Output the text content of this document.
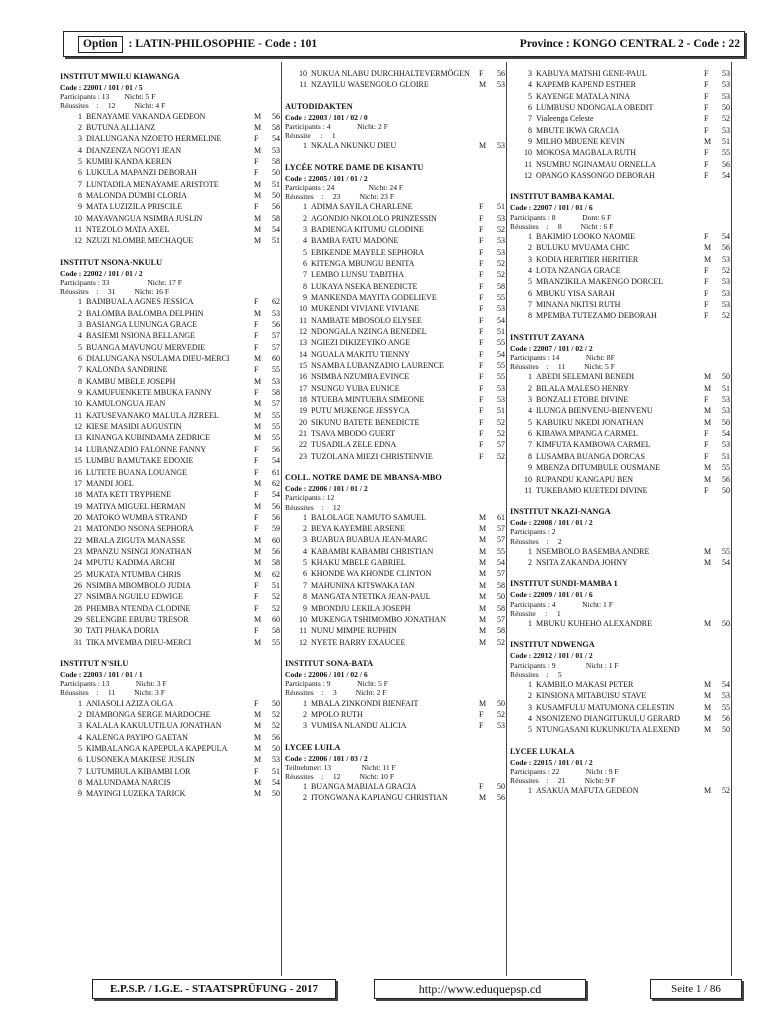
Option : LATIN-PHILOSOPHIE - Code : 101	Province : KONGO CENTRAL 2 - Code : 22
INSTITUT MWILU KIAWANGA
Code : 22001 / 101 / 01 / 5
Participants : 13        Nicht: 5 F
Réussites    :     12          Nicht: 4 F
1 BENAYAME VAKANDA GEDEON	M	56
2 BUTUNA ALLIANZ	M	58
3 DIALUNGANA NZOETO HERMELINE	F	54
4 DIANZENZA NGOYI JEAN	M	53
5 KUMBI KANDA KEREN	F	58
6 LUKULA MAPANZI DEBORAH	F	50
7 LUNTADILA MENAYAME ARISTOTE	M	51
8 MALONDA DUMBI CLORIA	M	50
9 MATA LUZIZILA PRISCILE	F	56
10 MAYAVANGUA NSIMBA JUSLIN	M	58
11 NTEZOLO MATA AXEL	M	54
12 NZUZI NLOMBE MECHAQUE	M	51
INSTITUT NSONA-NKULU
Code : 22002 / 101 / 01 / 2
Participants : 33                    Nicht: 17 F
Réussites    :     31          Nicht: 16 F
1 BADIBUALA AGNES JESSICA	F	62
2 BALOMBA BALOMBA DELPHIN	M	53
3 BASIANGA LUNUNGA GRACE	F	56
4 BASIEMI NSIONA BELLANGE	F	57
5 BUANGA MAVUNGU MERVEDIE	F	57
6 DIALUNGANA NSULAMA DIEU-MERCI	M	60
7 KALONDA SANDRINE	F	55
8 KAMBU MBELE JOSEPH	M	53
9 KAMUFUENKETE MBUKA FANNY	F	58
10 KAMULONGUA JEAN	M	57
11 KATUSEVANAKO MALULA JIZREEL	M	55
12 KIESE MASIDI AUGUSTIN	M	55
13 KINANGA KUBINDAMA ZEDRICE	M	55
14 LUBANZADIO FALONNE FANNY	F	56
15 LUMBU BAMUTAKE EDOXIE	F	54
16 LUTETE BUANA LOUANGE	F	61
17 MANDI JOEL	M	62
18 MATA KETI TRYPHENE	F	54
19 MATIYA MIGUEL HERMAN	M	56
20 MATOKO WUMBA STRAND	F	56
21 MATONDO NSONA SEPHORA	F	59
22 MBALA ZIGUTA MANASSE	M	60
23 MPANZU NSINGI JONATHAN	M	56
24 MPUTU KADIMA ARCHI	M	58
25 MUKATA NTUMBA CHRIS	M	62
26 NSIMBA MBOMBOLO JUDIA	F	51
27 NSIMBA NGUILU EDWIGE	F	52
28 PHEMBA NTENDA CLODINE	F	52
29 SELENGBE EBUBU TRESOR	M	60
30 TATI PHAKA DORIA	F	58
31 TIKA MVEMBA DIEU-MERCI	M	55
INSTITUT N'SILU
Code : 22003 / 101 / 01 / 1
Participants : 13              Nicht: 3 F
Réussites    :     11          Nicht: 3 F
1 ANIASOLI AZIZA OLGA	F	50
2 DIAMBONGA SERGE MARDOCHE	M	52
3 KALALA KAKULUTILUA JONATHAN	M	52
4 KALENGA PAYIPO GAETAN	M	56
5 KIMBALANGA KAPEPULA KAPEPULA	M	50
6 LUSONEKA MAKIESE JUSLIN	M	53
7 LUTUMBULA KIBAMBI LOR	F	51
8 MALUNDAMA NARCIS	M	54
9 MAYINGI LUZEKA TARICK	M	50
10 NUKUA NLABU DURCHHALTEVERMÖGEN	F	56
11 NZAYILU WASENGOLO GLOIRE	M	53
AUTODIDAKTEN
Code : 22003 / 101 / 02 / 0
Participants : 4              Nicht: 2 F
Réussite     :     1
1 NKALA NKUNKU DIEU	M	53
LYCÉE NOTRE DAME DE KISANTU
Code : 22005 / 101 / 01 / 2
Participants : 24                  Nicht: 24 F
Réussites    :     23          Nicht: 23 F
1 ADIMA SAYILA CHARLENE	F	51
2 AGONDJO NKOLOLO PRINZESSIN	F	53
3 BADIENGA KITUMU GLODINE	F	52
4 BAMBA FATU MADONE	F	53
5 EBIKENDE MAYELE SEPHORA	F	53
6 KITENGA MBUNGU BENITA	F	52
7 LEMBO LUNSU TABITHA	F	52
8 LUKAYA NSEKA BENEDICTE	F	58
9 MANKENDA MAYITA GODELIEVE	F	55
10 MUKENDI VIVIANE VIVIANE	F	53
11 NAMBATE MBOSOLO ELYSEE	F	54
12 NDONGALA NZINGA BENEDEL	F	51
13 NGIEZI DIKIZEYIKO ANGE	F	55
14 NGUALA MAKITU TIENNY	F	54
15 NSAMBA LUBANZADIO LAURENCE	F	55
16 NSIMBA NZUMBA EVINCE	F	55
17 NSUNGU YUBA EUNICE	F	53
18 NTUEBA MINTUEBA SIMEONE	F	53
19 PUTU MUKENGE JESSYCA	F	51
20 SIKUNU BATETE BENEDICTE	F	52
21 TSAVA MBODO GUERT	F	52
22 TUSADILA ZELE EDNA	F	57
23 TUZOLANA MIEZI CHRISTENVIE	F	52
COLL. NOTRE DAME DE MBANSA-MBO
Code : 22006 / 101 / 01 / 2
Participants : 12
Réussites    :     12
1 BALOLAGE NAMUTO SAMUEL	M	61
2 BEYA KAYEMBE ARSENE	M	57
3 BUABUA BUABUA JEAN-MARC	M	57
4 KABAMBI KABAMBI CHRISTIAN	M	55
5 KHAKU MBELE GABRIEL	M	54
6 KHONDE WA KHONDE CLINTON	M	57
7 MAHUNINA KITSWAKA IAN	M	58
8 MANGATA NTETIKA JEAN-PAUL	M	50
9 MBONDJU LEKILA JOSEPH	M	58
10 MUKENGA TSHIMOMBO JONATHAN	M	57
11 NUNU MIMPIE RUPHIN	M	58
12 NYETE BARRY EXAUCEE	M	52
INSTITUT SONA-BATA
Code : 22006 / 101 / 02 / 6
Participants : 9              Nicht: 5 F
Réussites    :     3          Nicht: 2 F
1 MBALA ZINKONDI BIENFAIT	M	50
2 MPOLO RUTH	F	52
3 VUMISA NLANDU ALICIA	F	53
LYCEE LUILA
Code : 22006 / 101 / 03 / 2
Teilnehmer: 13                Nicht: 11 F
Réussites    :     12          Nicht: 10 F
1 BUANGA MABIALA GRACIA	F	50
2 ITONGWANA KAPIANGU CHRISTIAN	M	56
3 KABUYA MATSHI GENE-PAUL	F	53
4 KAPEMB KAPEND ESTHER	F	53
5 KAYENGE MATALA NINA	F	53
6 LUMBUSU NDONGALA OBEDIT	F	50
7 Vialeenga Celeste	F	52
8 MBUTE IKWA GRACIA	F	53
9 MILHO MBUENE KEVIN	M	51
10 MOKOSA MAGBALA RUTH	F	55
11 NSUMBU NGINAMAU ORNELLA	F	56
12 OPANGO KASSONGO DEBORAH	F	54
INSTITUT BAMBA KAMAL
Code : 22007 / 101 / 01 / 6
Participants : 8              Dont: 6 F
Réussites    :     8          Nicht : 6 F
1 BAKIMIO LOOKO NAOMIE	F	54
2 BULUKU MVUAMA CHIC	M	56
3 KODIA HERITIER HERITIER	M	53
4 LOTA NZANGA GRACE	F	52
5 MBANZIKILA MAKENGO DORCEL	F	53
6 MBUKU YISA SARAH	F	53
7 MINANA NKITSI RUTH	F	53
8 MPEMBA TUTEZAMO DEBORAH	F	52
INSTITUT ZAYANA
Code : 22007 / 101 / 02 / 2
Participants : 14              Nicht: 8F
Réussites    :     11          Nicht: 5 F
1 ABEDI SELEMANI BENEDI	M	50
2 BILALA MALESO HENRY	M	51
3 BONZALI ETOBE DIVINE	F	53
4 ILUNGA BIENVENU-BIENVENU	M	53
5 KABUIKU NKEDI JONATHAN	M	50
6 KIBAWA MPANGA CARMEL	F	54
7 KIMFUTA KAMBOWA CARMEL	F	53
8 LUSAMBA BUANGA DORCAS	F	51
9 MBENZA DITUMBULE OUSMANE	M	55
10 RUPANDU KANGAPU BEN	M	56
11 TUKEBAMO KUETEDI DIVINE	F	50
INSTITUT NKAZI-NANGA
Code : 22008 / 101 / 01 / 2
Participants : 2
Réussites    :     2
1 NSEMBOLO BASEMBA ANDRE	M	55
2 NSITA ZAKANDA JOHNY	M	54
INSTITUT SUNDI-MAMBA 1
Code : 22009 / 101 / 01 / 6
Participants : 4              Nicht: 1 F
Réussite     :     1
1 MBUKU KUHEHO ALEXANDRE	M	50
INSTITUT NDWENGA
Code : 22012 / 101 / 01 / 2
Participants : 9                Nicht : 1 F
Réussites    :     5
1 KAMBILO MAKASI PETER	M	54
2 KINSIONA MITABUISU STAVE	M	53
3 KUSAMFULU MATUMONA CELESTIN	M	55
4 NSONIZENO DIANGITUKULU GERARD	M	56
5 NTUNGASANI KUKUNKUTA ALEXEND	M	50
LYCEE LUKALA
Code : 22015 / 101 / 01 / 2
Participants : 22              Nicht : 9 F
Réussites    :     21          Nicht: 9 F
1 ASAKUA MAFUTA GEDEON	M	52
E.P.S.P. / I.G.E. - STAATSPRÜFUNG - 2017	http://www.eduquepsp.cd	Seite 1 / 86
